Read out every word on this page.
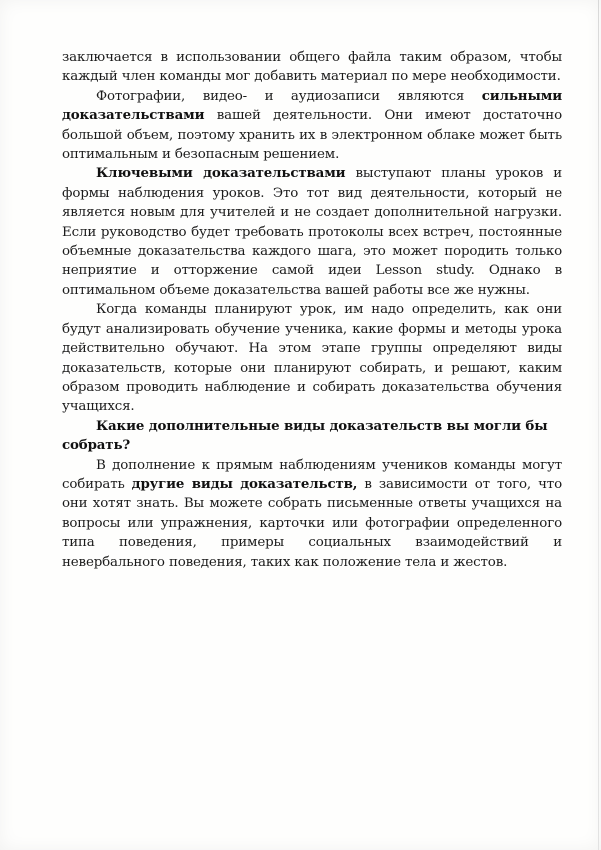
заключается в использовании общего файла таким образом, чтобы каждый член команды мог добавить материал по мере необходимости.

Фотографии, видео- и аудиозаписи являются сильными доказательствами вашей деятельности. Они имеют достаточно большой объем, поэтому хранить их в электронном облаке может быть оптимальным и безопасным решением.

Ключевыми доказательствами выступают планы уроков и формы наблюдения уроков. Это тот вид деятельности, который не является новым для учителей и не создает дополнительной нагрузки. Если руководство будет требовать протоколы всех встреч, постоянные объемные доказательства каждого шага, это может породить только неприятие и отторжение самой идеи Lesson study. Однако в оптимальном объеме доказательства вашей работы все же нужны.

Когда команды планируют урок, им надо определить, как они будут анализировать обучение ученика, какие формы и методы урока действительно обучают. На этом этапе группы определяют виды доказательств, которые они планируют собирать, и решают, каким образом проводить наблюдение и собирать доказательства обучения учащихся.

Какие дополнительные виды доказательств вы могли бы собрать?

В дополнение к прямым наблюдениям учеников команды могут собирать другие виды доказательств, в зависимости от того, что они хотят знать. Вы можете собрать письменные ответы учащихся на вопросы или упражнения, карточки или фотографии определенного типа поведения, примеры социальных взаимодействий и невербального поведения, таких как положение тела и жестов.
